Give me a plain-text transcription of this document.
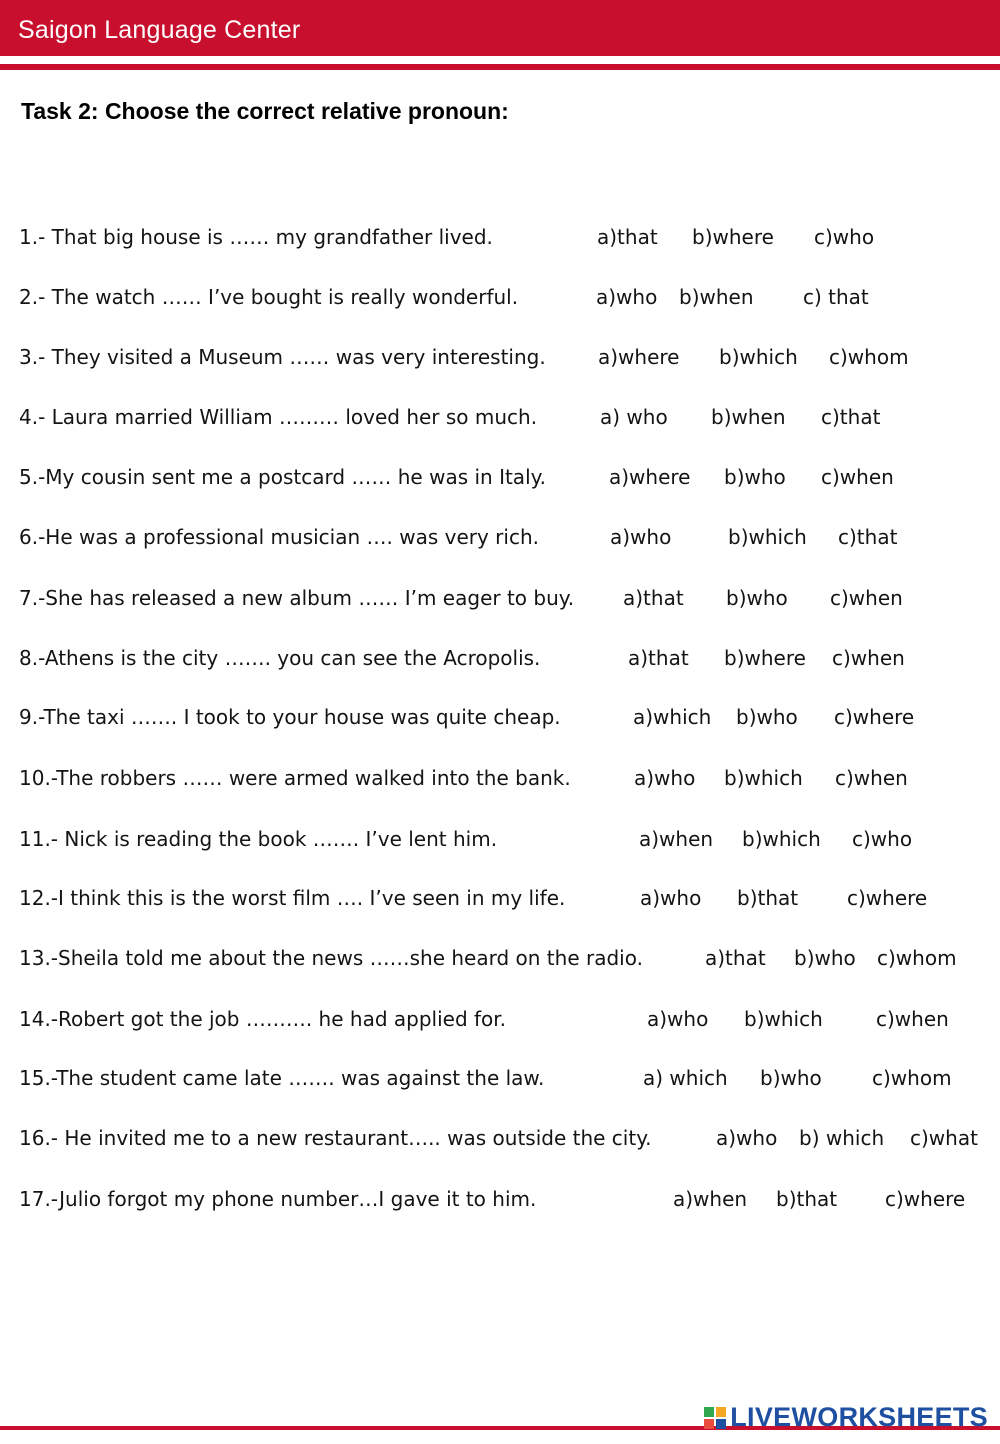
Saigon Language Center
Task 2: Choose the correct relative pronoun:
1.- That big house is …… my grandfather lived.	a)that b)where c)who
2.- The watch …… I’ve bought is really wonderful.	a)who b)when c) that
3.- They visited a Museum …… was very interesting.	a)where b)which c)whom
4.- Laura married William ……… loved her so much.	a) who b)when c)that
5.-My cousin sent me a postcard …… he was in Italy.	a)where b)who c)when
6.-He was a professional musician …. was very rich.	a)who	b)which c)that
7.-She has released a new album …… I’m eager to buy. a)that b)who c)when
8.-Athens is the city ……. you can see the Acropolis.	a)that b)where c)when
9.-The taxi ……. I took to your house was quite cheap.	a)which b)who c)where
10.-The robbers …… were armed walked into the bank.	a)who b)which c)when
11.- Nick is reading the book ……. I’ve lent him.	a)when b)which c)who
12.-I think this is the worst film …. I’ve seen in my life.	a)who b)that c)where
13.-Sheila told me about the news ……she heard on the radio.	a)that b)who c)whom
14.-Robert got the job ………. he had applied for.	a)who b)which	c)when
15.-The student came late ……. was against the law.	a) which b)who	c)whom
16.- He invited me to a new restaurant….. was outside the city.	a)who b) which c)what
17.-Julio forgot my phone number…I gave it to him.	a)when b)that c)where
LIVEWORKSHEETS
